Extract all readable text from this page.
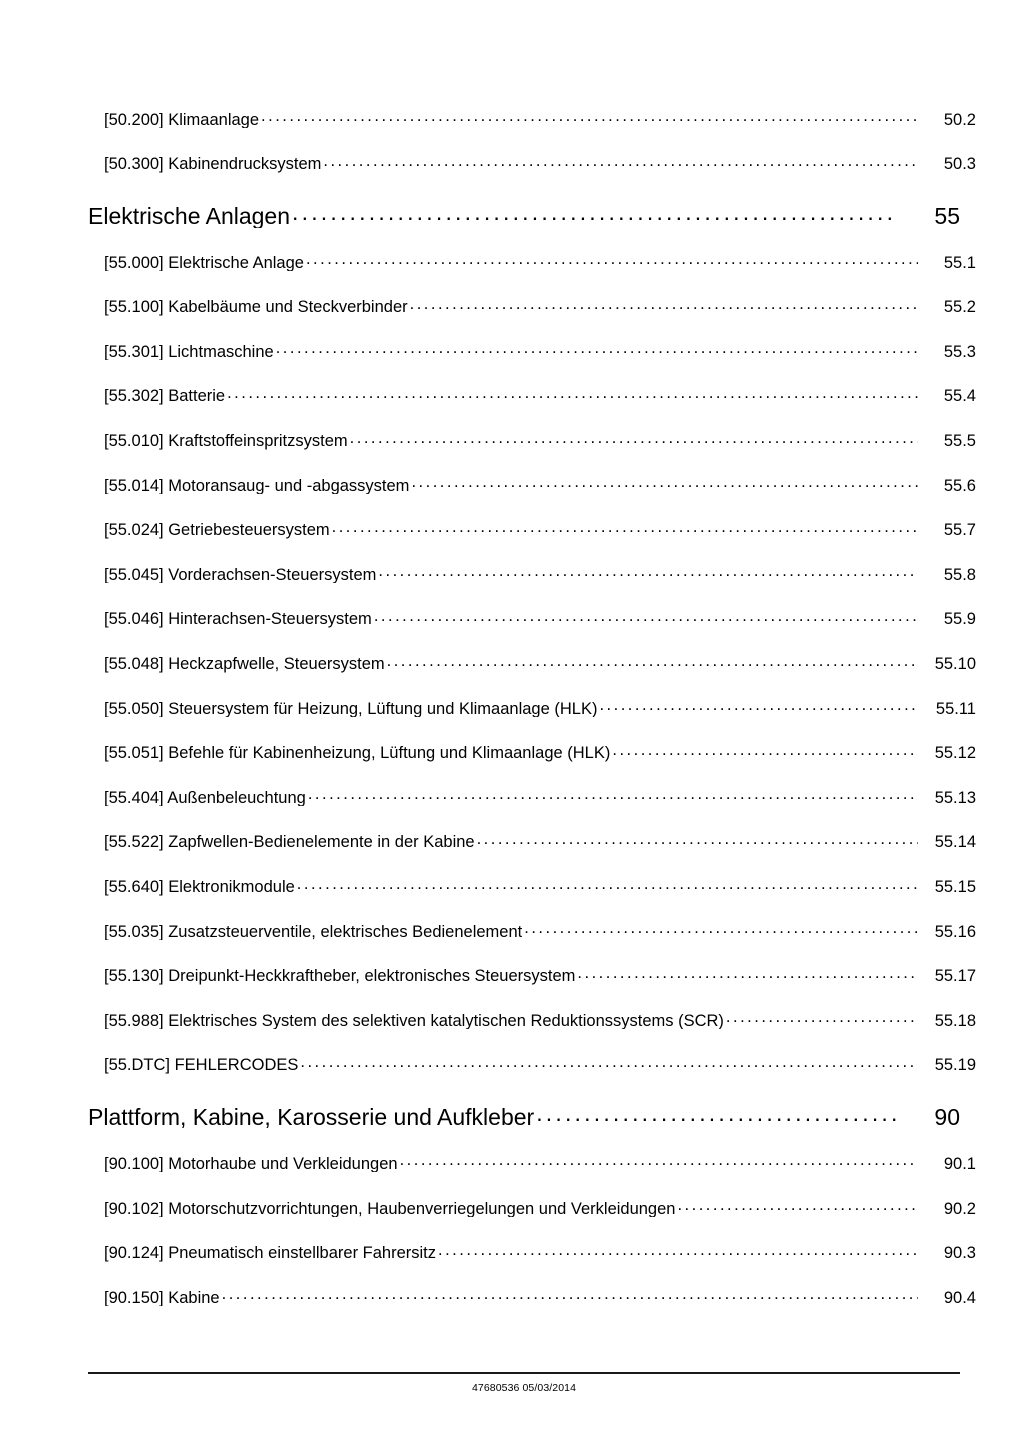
[50.200] Klimaanlage .....	50.2
[50.300] Kabinendrucksystem .....	50.3
Elektrische Anlagen .....	55
[55.000] Elektrische Anlage .....	55.1
[55.100] Kabelbäume und Steckverbinder .....	55.2
[55.301] Lichtmaschine .....	55.3
[55.302] Batterie .....	55.4
[55.010] Kraftstoffeinspritzsystem .....	55.5
[55.014] Motoransaug- und -abgassystem .....	55.6
[55.024] Getriebesteuersystem .....	55.7
[55.045] Vorderachsen-Steuersystem .....	55.8
[55.046] Hinterachsen-Steuersystem .....	55.9
[55.048] Heckzapfwelle, Steuersystem .....	55.10
[55.050] Steuersystem für Heizung, Lüftung und Klimaanlage (HLK) .....	55.11
[55.051] Befehle für Kabinenheizung, Lüftung und Klimaanlage (HLK) .....	55.12
[55.404] Außenbeleuchtung .....	55.13
[55.522] Zapfwellen-Bedienelemente in der Kabine .....	55.14
[55.640] Elektronikmodule .....	55.15
[55.035] Zusatzsteuerventile, elektrisches Bedienelement .....	55.16
[55.130] Dreipunkt-Heckkraftheber, elektronisches Steuersystem .....	55.17
[55.988] Elektrisches System des selektiven katalytischen Reduktionssystems (SCR) .....	55.18
[55.DTC] FEHLERCODES .....	55.19
Plattform, Kabine, Karosserie und Aufkleber .....	90
[90.100] Motorhaube und Verkleidungen .....	90.1
[90.102] Motorschutzvorrichtungen, Haubenverriegelungen und Verkleidungen .....	90.2
[90.124] Pneumatisch einstellbarer Fahrersitz .....	90.3
[90.150] Kabine .....	90.4
47680536 05/03/2014
